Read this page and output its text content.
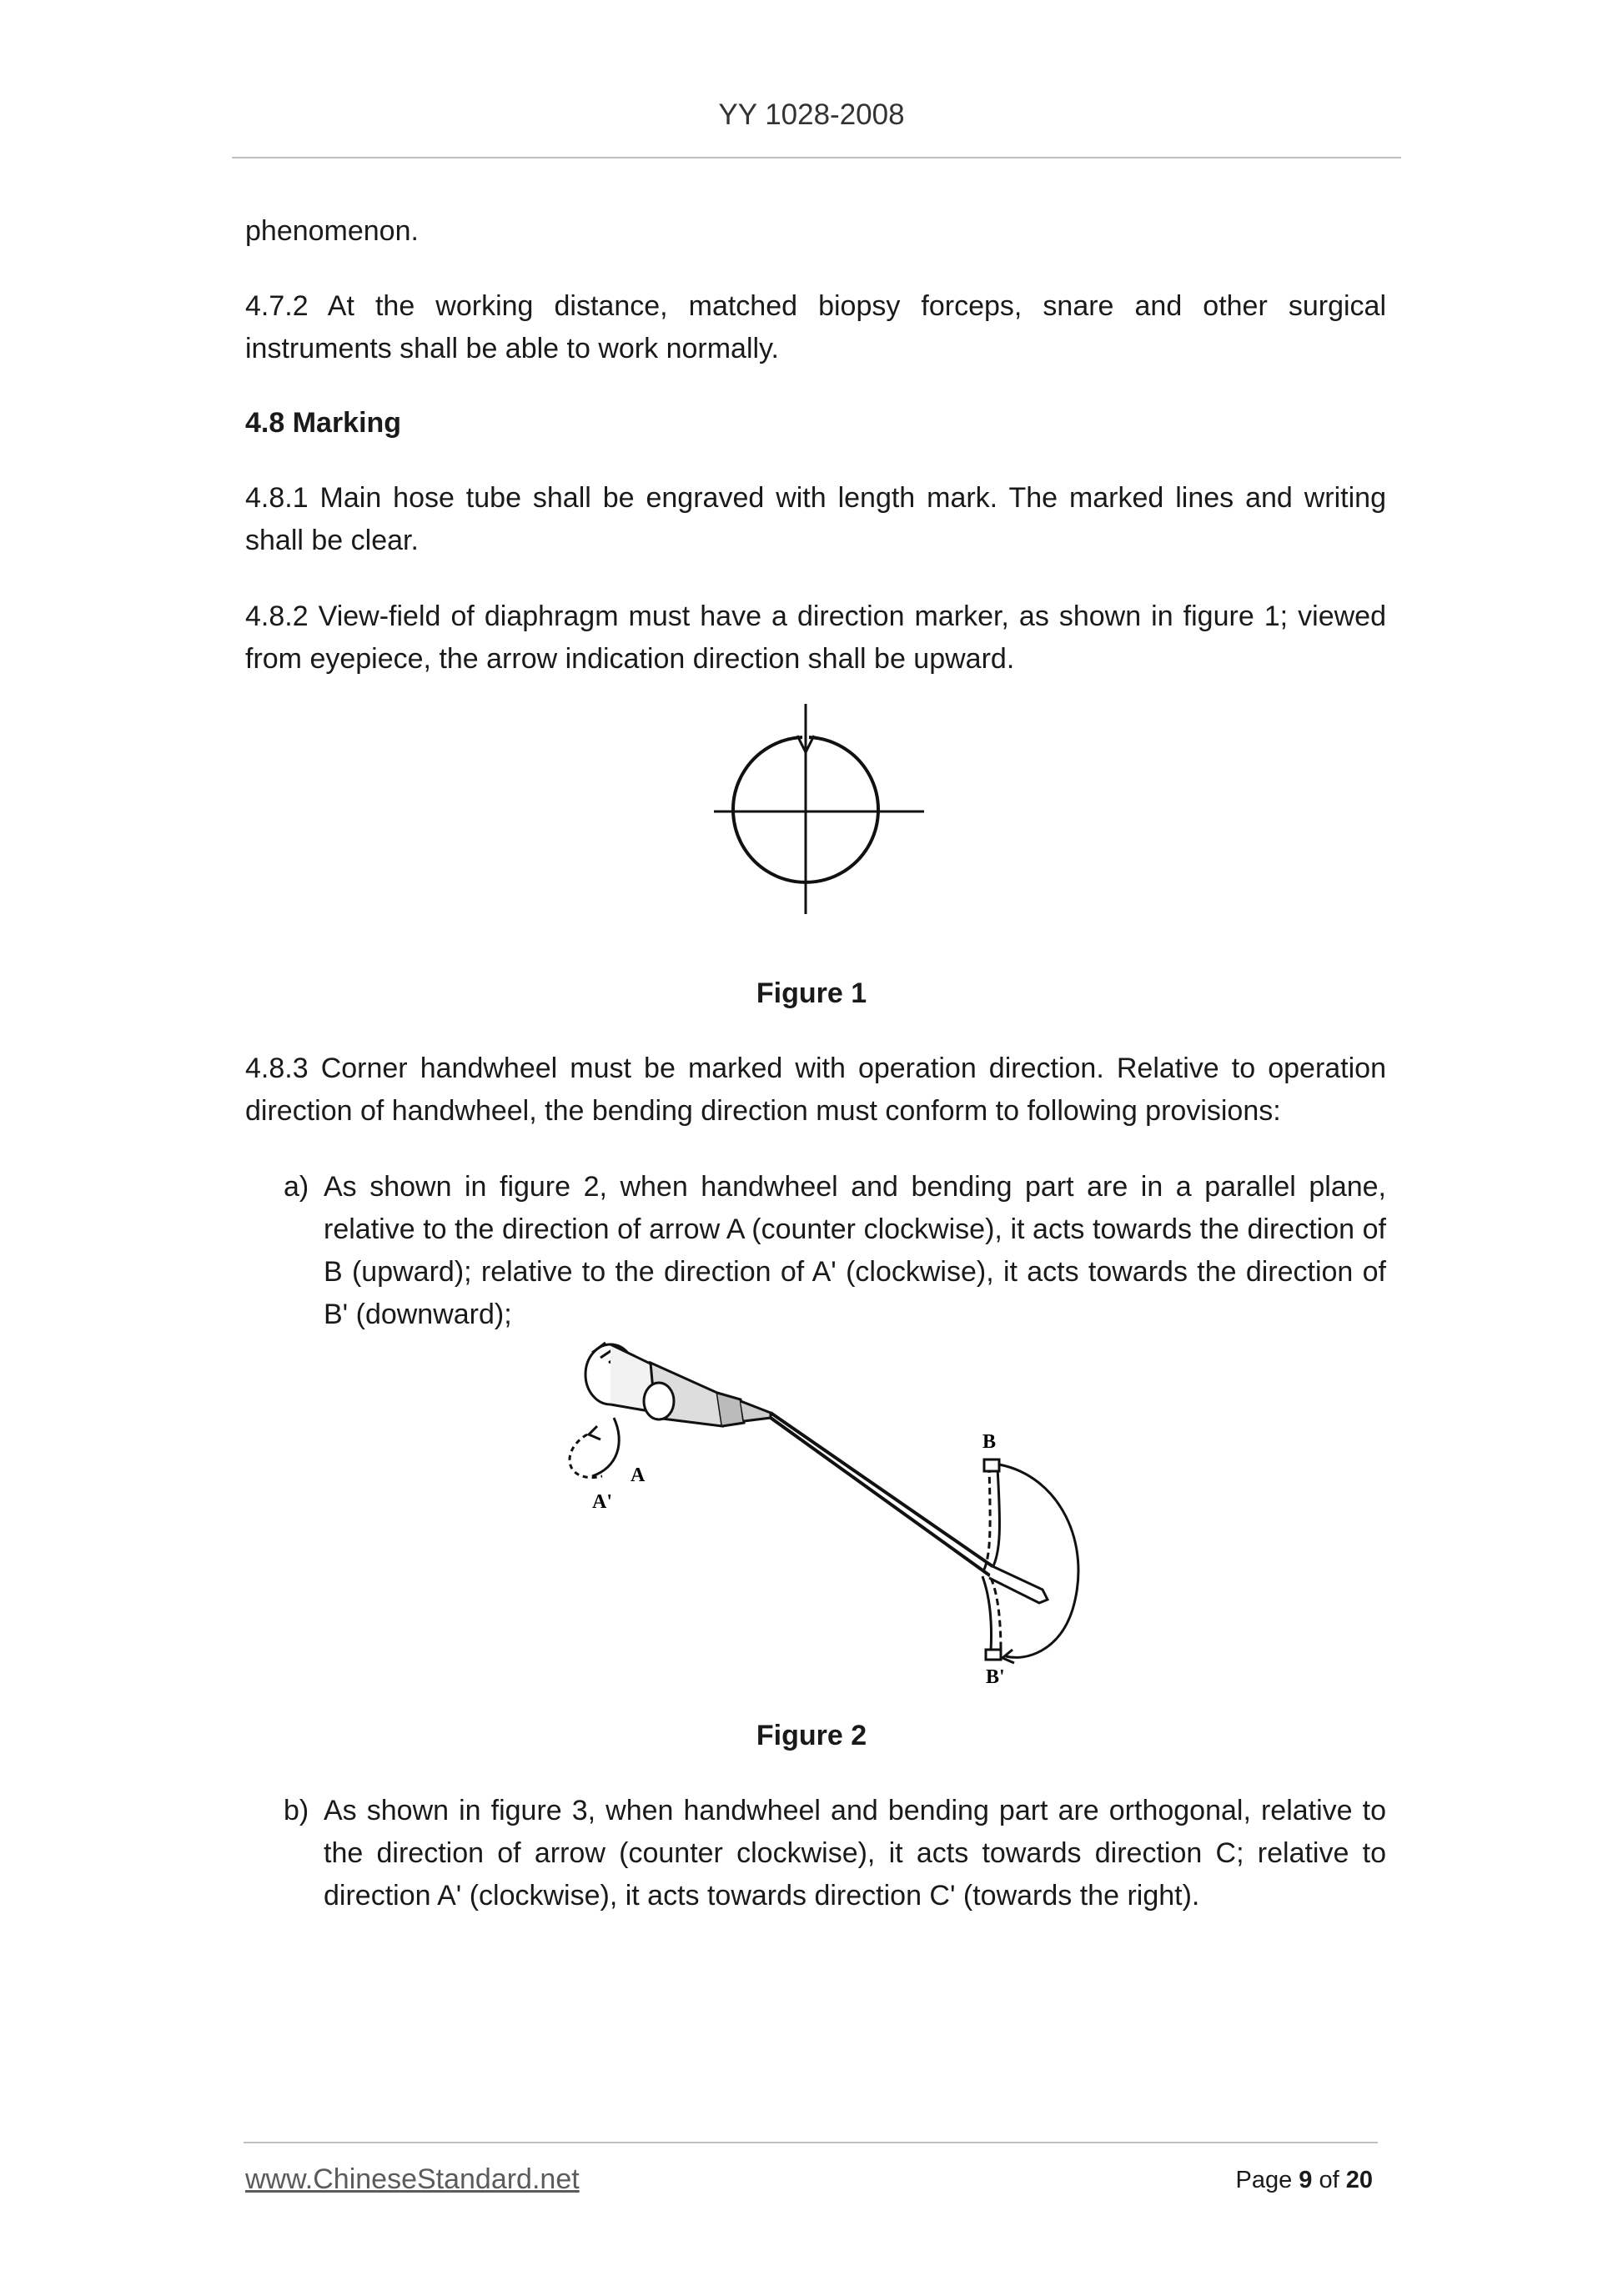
YY 1028-2008

phenomenon.

4.7.2 At the working distance, matched biopsy forceps, snare and other surgical instruments shall be able to work normally.

4.8 Marking

4.8.1 Main hose tube shall be engraved with length mark. The marked lines and writing shall be clear.

4.8.2 View-field of diaphragm must have a direction marker, as shown in figure 1; viewed from eyepiece, the arrow indication direction shall be upward.

Figure 1

4.8.3 Corner handwheel must be marked with operation direction. Relative to operation direction of handwheel, the bending direction must conform to following provisions:

a) As shown in figure 2, when handwheel and bending part are in a parallel plane, relative to the direction of arrow A (counter clockwise), it acts towards the direction of B (upward); relative to the direction of A' (clockwise), it acts towards the direction of B' (downward);
A
A'
B
B'
Figure 2
b) As shown in figure 3, when handwheel and bending part are orthogonal, relative to the direction of arrow (counter clockwise), it acts towards direction C; relative to direction A' (clockwise), it acts towards direction C' (towards the right).
www.ChineseStandard.net	Page 9 of 20
